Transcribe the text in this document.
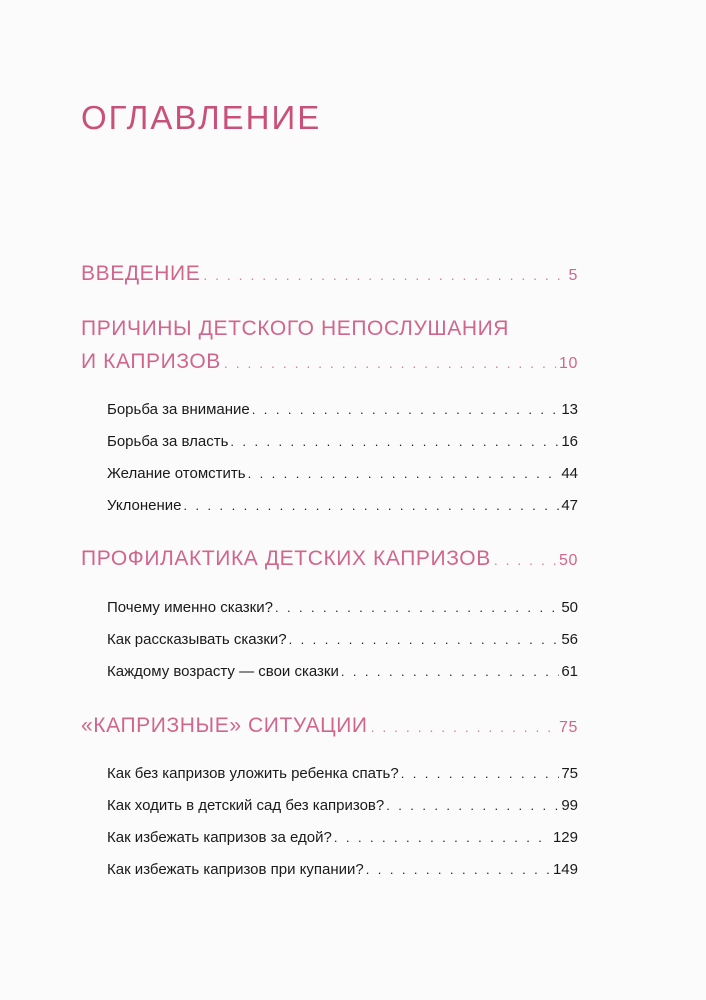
ОГЛАВЛЕНИЕ
ВВЕДЕНИЕ . . .	5
ПРИЧИНЫ ДЕТСКОГО НЕПОСЛУШАНИЯ
И КАПРИЗОВ . . .	10
Борьба за внимание . . .	13
Борьба за власть . . .	16
Желание отомстить . . .	44
Уклонение . . .	47
ПРОФИЛАКТИКА ДЕТСКИХ КАПРИЗОВ . . .	50
Почему именно сказки? . . .	50
Как рассказывать сказки? . . .	56
Каждому возрасту — свои сказки . . .	61
«КАПРИЗНЫЕ» СИТУАЦИИ . . .	75
Как без капризов уложить ребенка спать? . . .	75
Как ходить в детский сад без капризов? . . .	99
Как избежать капризов за едой? . . .	129
Как избежать капризов при купании? . . .	149
